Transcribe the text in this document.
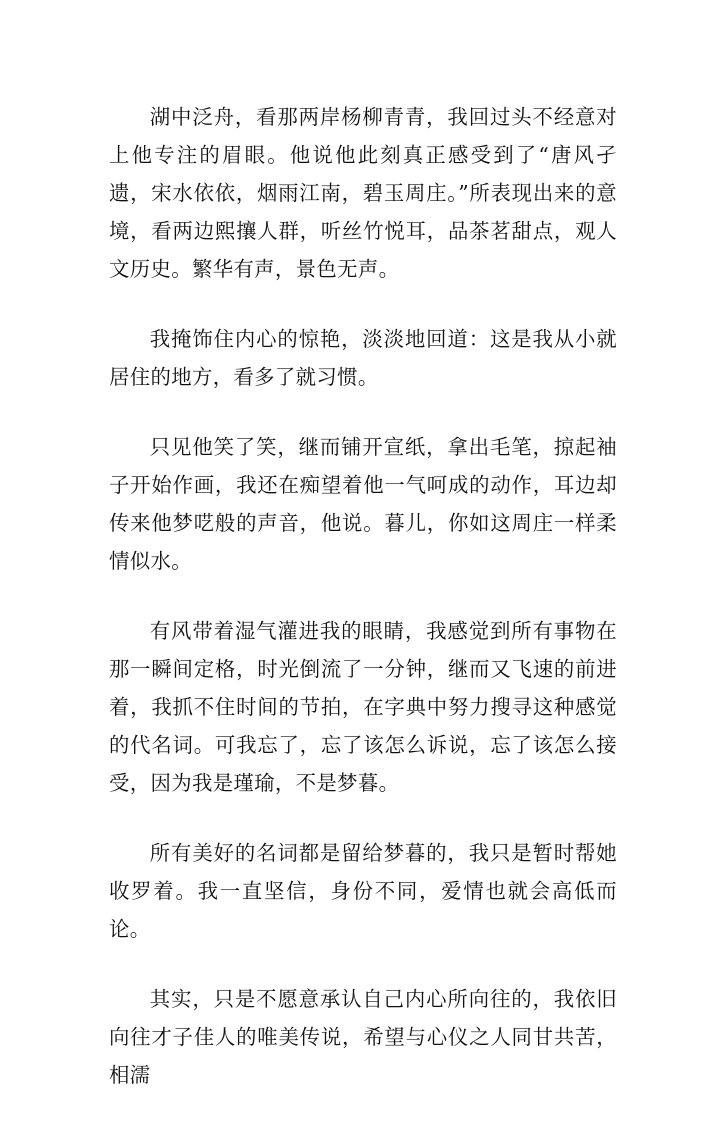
湖中泛舟，看那两岸杨柳青青，我回过头不经意对上他专注的眉眼。他说他此刻真正感受到了“唐风孑遗，宋水依依，烟雨江南，碧玉周庄。”所表现出来的意境，看两边熙攘人群，听丝竹悦耳，品茶茗甜点，观人文历史。繁华有声，景色无声。

我掩饰住内心的惊艳，淡淡地回道：这是我从小就居住的地方，看多了就习惯。

只见他笑了笑，继而铺开宣纸，拿出毛笔，掠起袖子开始作画，我还在痴望着他一气呵成的动作，耳边却传来他梦呓般的声音，他说。暮儿，你如这周庄一样柔情似水。

有风带着湿气灌进我的眼睛，我感觉到所有事物在那一瞬间定格，时光倒流了一分钟，继而又飞速的前进着，我抓不住时间的节拍，在字典中努力搜寻这种感觉的代名词。可我忘了，忘了该怎么诉说，忘了该怎么接受，因为我是瑾瑜，不是梦暮。

所有美好的名词都是留给梦暮的，我只是暂时帮她收罗着。我一直坚信，身份不同，爱情也就会高低而论。

其实，只是不愿意承认自己内心所向往的，我依旧向往才子佳人的唯美传说，希望与心仪之人同甘共苦，相濡
